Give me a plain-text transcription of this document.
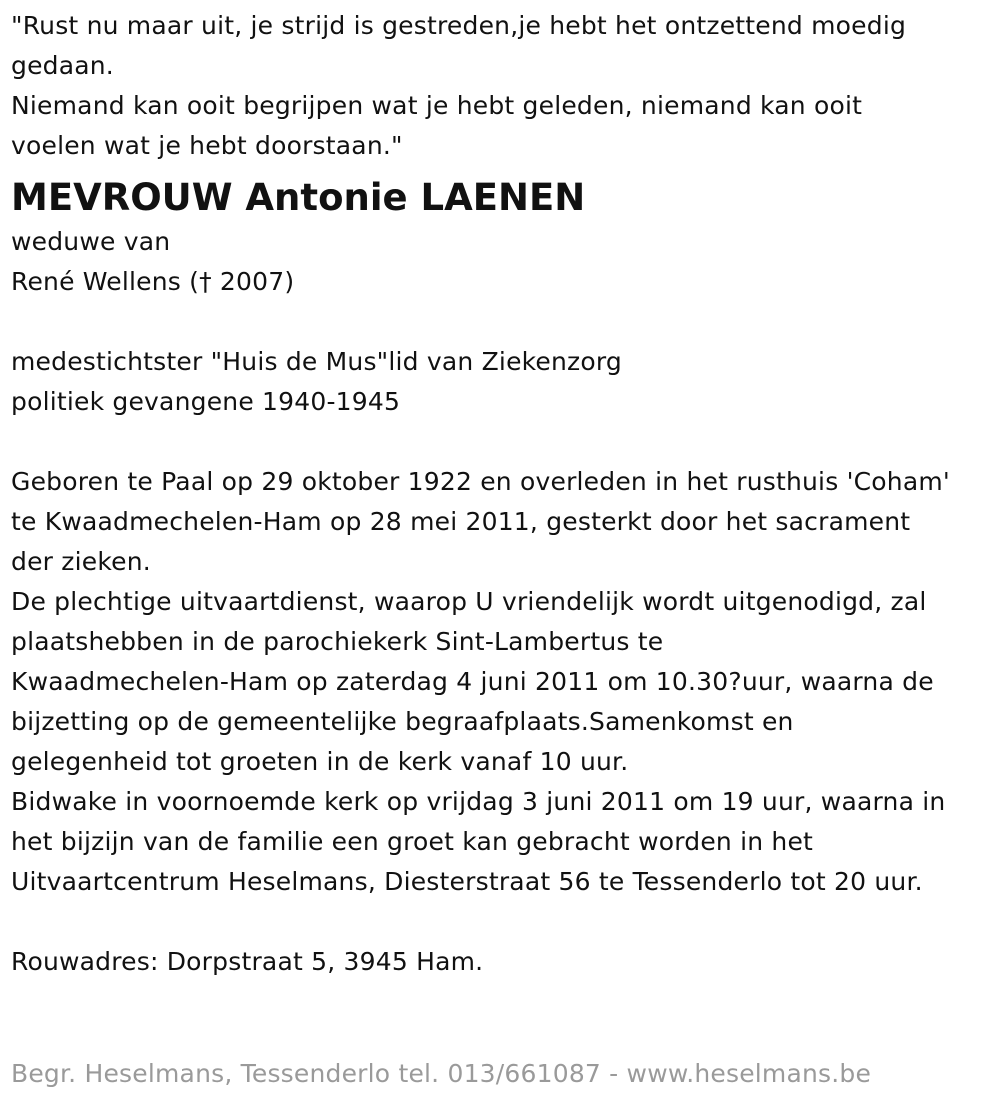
"Rust nu maar uit, je strijd is gestreden,je hebt het ontzettend moedig
gedaan.
Niemand kan ooit begrijpen wat je hebt geleden, niemand kan ooit
voelen wat je hebt doorstaan."
MEVROUW Antonie LAENEN
weduwe van
René Wellens († 2007)
medestichtster "Huis de Mus"lid van Ziekenzorg
politiek gevangene 1940-1945
Geboren te Paal op 29 oktober 1922 en overleden in het rusthuis 'Coham'
te Kwaadmechelen-Ham op 28 mei 2011, gesterkt door het sacrament
der zieken.
De plechtige uitvaartdienst, waarop U vriendelijk wordt uitgenodigd, zal
plaatshebben in de parochiekerk Sint-Lambertus te
Kwaadmechelen-Ham op zaterdag 4 juni 2011 om 10.30?uur, waarna de
bijzetting op de gemeentelijke begraafplaats.Samenkomst en
gelegenheid tot groeten in de kerk vanaf 10 uur.
Bidwake in voornoemde kerk op vrijdag 3 juni 2011 om 19 uur, waarna in
het bijzijn van de familie een groet kan gebracht worden in het
Uitvaartcentrum Heselmans, Diesterstraat 56 te Tessenderlo tot 20 uur.
Rouwadres: Dorpstraat 5, 3945 Ham.
Begr. Heselmans, Tessenderlo tel. 013/661087 - www.heselmans.be
